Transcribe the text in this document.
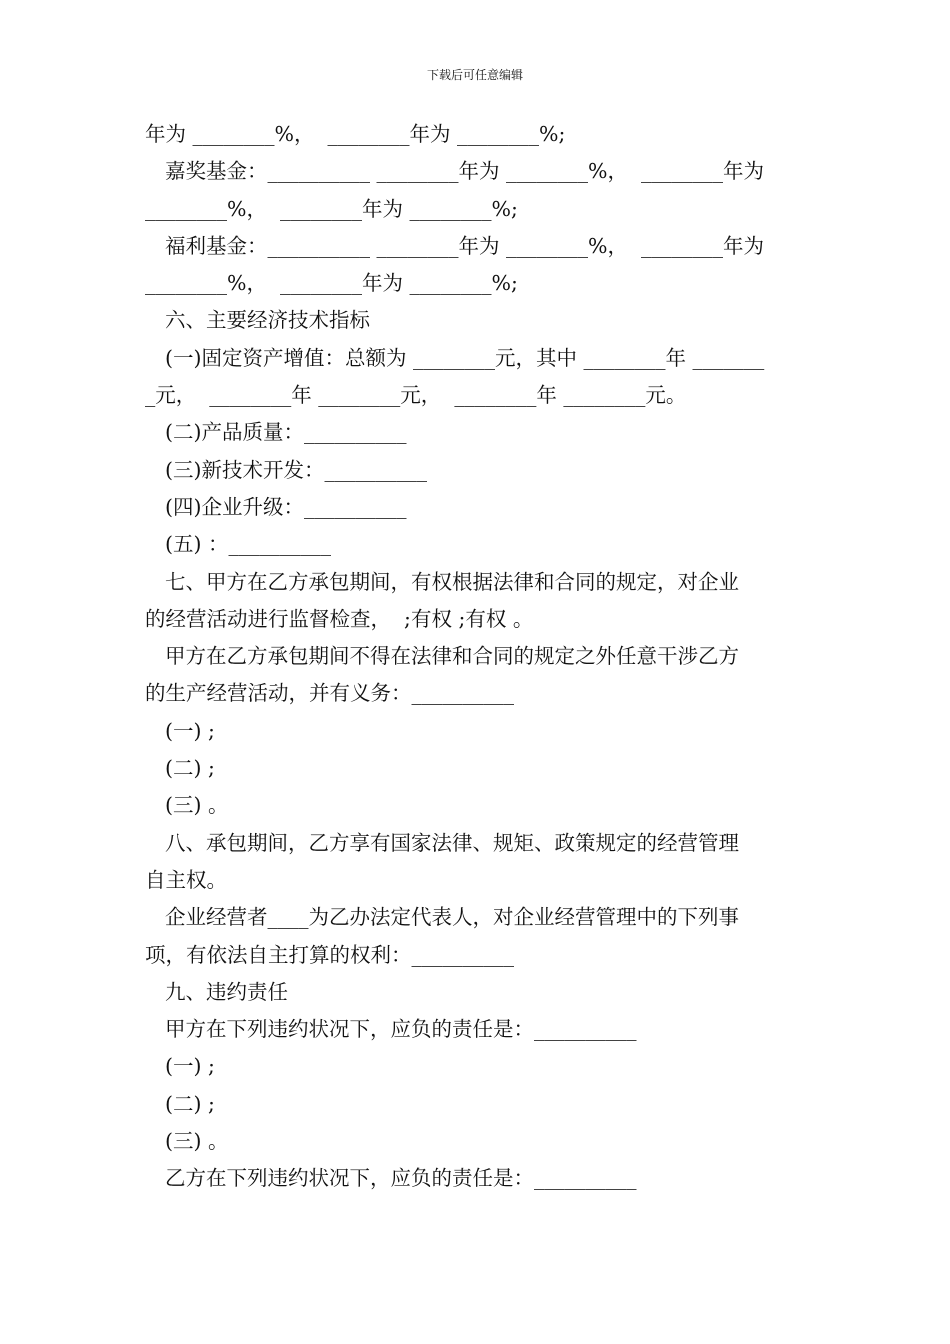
下载后可任意编辑
年为 ________%，  ________年为 ________%;
嘉奖基金：__________ ________年为 ________%，  ________年为
________%，  ________年为 ________%;
福利基金：__________ ________年为 ________%，  ________年为
________%，  ________年为 ________%;
六、主要经济技术指标
(一)固定资产增值：总额为 ________元，其中 ________年 _______
_元，  ________年 ________元，  ________年 ________元。
(二)产品质量：__________
(三)新技术开发：__________
(四)企业升级：__________
(五) ：__________
七、甲方在乙方承包期间，有权根据法律和合同的规定，对企业
的经营活动进行监督检查，  ;有权 ;有权 。
甲方在乙方承包期间不得在法律和合同的规定之外任意干涉乙方
的生产经营活动，并有义务：__________
(一) ;
(二) ;
(三) 。
八、承包期间，乙方享有国家法律、规矩、政策规定的经营管理
自主权。
企业经营者____为乙办法定代表人，对企业经营管理中的下列事
项，有依法自主打算的权利：__________
九、违约责任
甲方在下列违约状况下，应负的责任是：__________
(一) ;
(二) ;
(三) 。
乙方在下列违约状况下，应负的责任是：__________
